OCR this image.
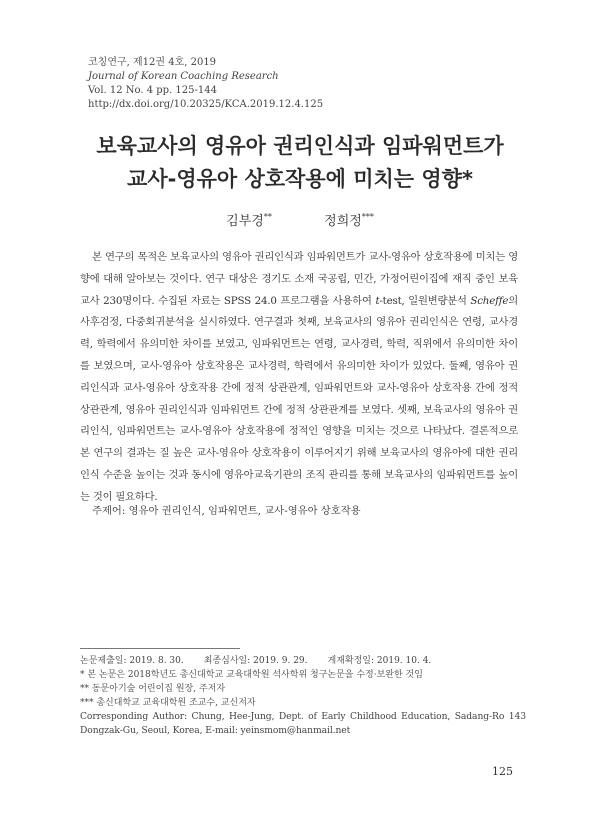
코칭연구, 제12권 4호, 2019
Journal of Korean Coaching Research
Vol. 12 No. 4 pp. 125-144
http://dx.doi.org/10.20325/KCA.2019.12.4.125
보육교사의 영유아 권리인식과 임파워먼트가
교사-영유아 상호작용에 미치는 영향*
김부경**	정희정***
본 연구의 목적은 보육교사의 영유아 권리인식과 임파워먼트가 교사-영유아 상호작용에 미치는 영향에 대해 알아보는 것이다. 연구 대상은 경기도 소재 국공립, 민간, 가정어린이집에 재직 중인 보육교사 230명이다. 수집된 자료는 SPSS 24.0 프로그램을 사용하여 t-test, 일원변량분석 Scheffe의 사후검정, 다중회귀분석을 실시하였다. 연구결과 첫째, 보육교사의 영유아 권리인식은 연령, 교사경력, 학력에서 유의미한 차이를 보였고, 임파워먼트는 연령, 교사경력, 학력, 직위에서 유의미한 차이를 보였으며, 교사-영유아 상호작용은 교사경력, 학력에서 유의미한 차이가 있었다. 둘째, 영유아 권리인식과 교사-영유아 상호작용 간에 정적 상관관계, 임파워먼트와 교사-영유아 상호작용 간에 정적 상관관계, 영유아 권리인식과 임파워먼트 간에 정적 상관관계를 보였다. 셋째, 보육교사의 영유아 권리인식, 임파워먼트는 교사-영유아 상호작용에 정적인 영향을 미치는 것으로 나타났다. 결론적으로 본 연구의 결과는 질 높은 교사-영유아 상호작용이 이루어지기 위해 보육교사의 영유아에 대한 권리인식 수준을 높이는 것과 동시에 영유아교육기관의 조직 관리를 통해 보육교사의 임파워먼트를 높이는 것이 필요하다.
주제어: 영유아 권리인식, 임파워먼트, 교사-영유아 상호작용
논문제출일: 2019. 8. 30. 최종심사일: 2019. 9. 29. 게재확정일: 2019. 10. 4.
* 본 논문은 2018학년도 총신대학교 교육대학원 석사학위 청구논문을 수정·보완한 것임
** 동문아기숲 어린이집 원장, 주저자
*** 총신대학교 교육대학원 조교수, 교신저자
Corresponding Author: Chung, Hee-Jung, Dept. of Early Childhood Education, Sadang-Ro 143 Dongzak-Gu, Seoul, Korea, E-mail: yeinsmom@hanmail.net
125
